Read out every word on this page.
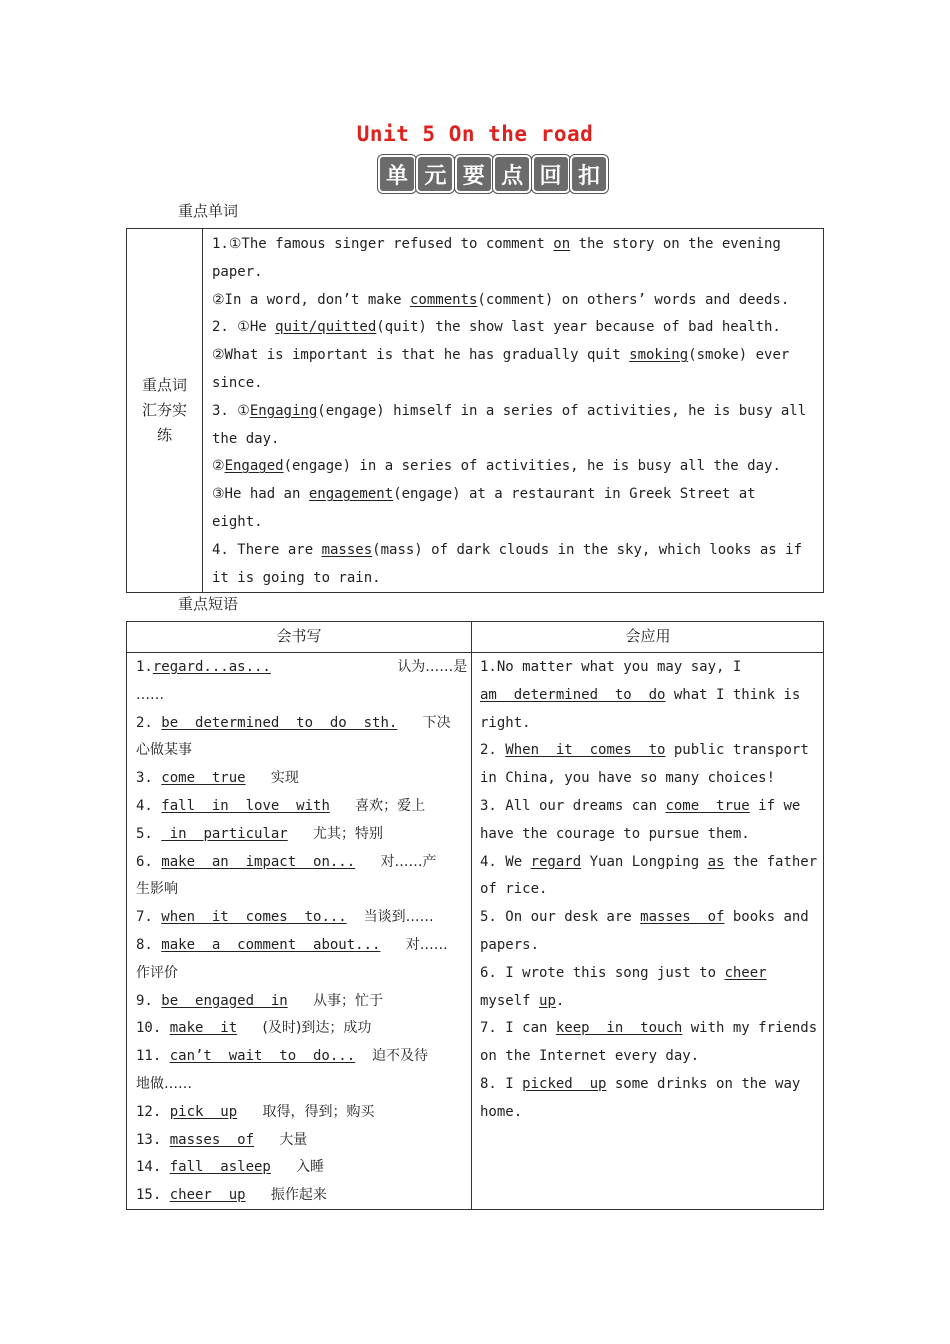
Unit 5 On the road
单 元 要 点 回 扣
重点单词
重点词
汇夯实
练

1.①The famous singer refused to comment on the story on the evening

paper.

②In a word, don’t make comments(comment) on others’ words and deeds.

2. ①He quit/quitted(quit) the show last year because of bad health.

②What is important is that he has gradually quit smoking(smoke) ever

since.

3. ①Engaging(engage) himself in a series of activities, he is busy all

the day.

②Engaged(engage) in a series of activities, he is busy all the day.

③He had an engagement(engage) at a restaurant in Greek Street at

eight.

4. There are masses(mass) of dark clouds in the sky, which looks as if

it is going to rain.

重点短语
会书写	会应用

1.regard...as...	认为……是

……

2. be  determined  to  do  sth. 下决

心做某事

3. come  true 实现

4. fall  in  love  with 喜欢；爱上

5.  in  particular 尤其；特别

6. make  an  impact  on... 对……产

生影响

7. when  it  comes  to... 当谈到……

8. make  a  comment  about... 对……

作评价

9. be  engaged  in 从事；忙于

10. make  it (及时)到达；成功

11. can’t  wait  to  do... 迫不及待

地做……

12. pick  up 取得，得到；购买

13. masses  of 大量

14. fall  asleep 入睡

15. cheer  up 振作起来

1.No matter what you may say, I

am  determined  to  do what I think is

right.

2. When  it  comes  to public transport

in China, you have so many choices!

3. All our dreams can come  true if we

have the courage to pursue them.

4. We regard Yuan Longping as the father

of rice.

5. On our desk are masses  of books and

papers.

6. I wrote this song just to cheer

myself up.

7. I can keep  in  touch with my friends

on the Internet every day.

8. I picked  up some drinks on the way

home.
